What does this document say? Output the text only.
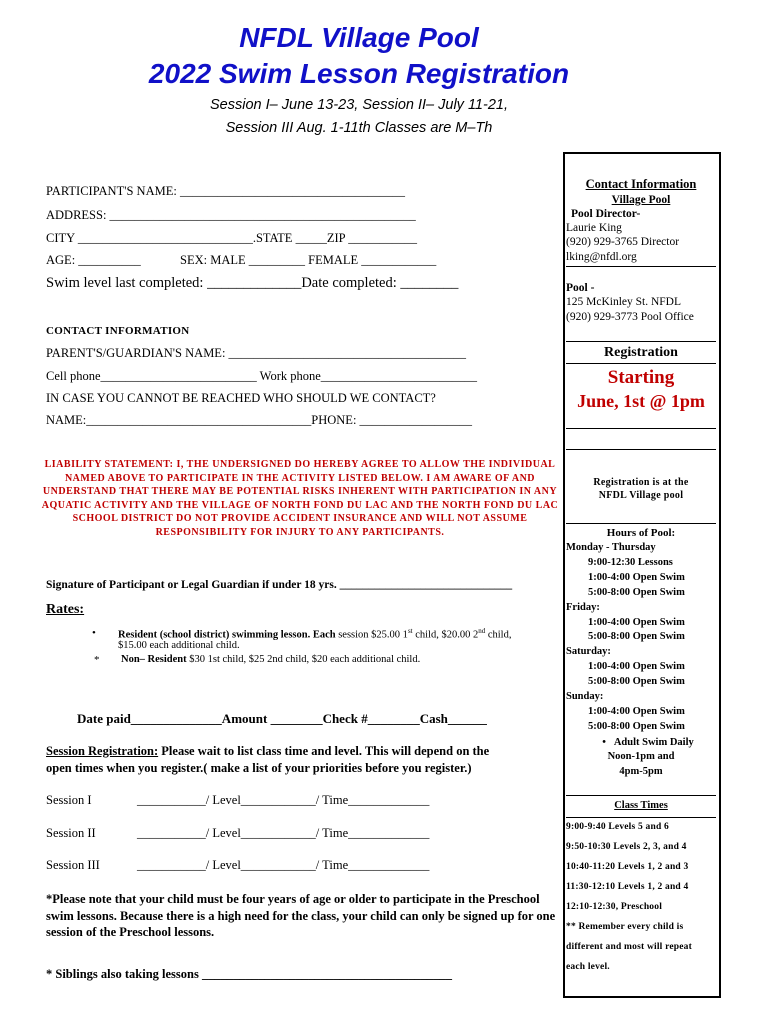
NFDL Village Pool
2022 Swim Lesson Registration
Session I– June 13-23, Session II– July 11-21,
Session III Aug. 1-11th Classes are M–Th
PARTICIPANT'S NAME: ____________________________________
ADDRESS: _________________________________________________
CITY ____________________________.STATE _____ZIP ___________
AGE: __________	SEX: MALE _________ FEMALE ____________
Swim level last completed: _____________Date completed: ________
CONTACT INFORMATION
PARENT'S/GUARDIAN'S NAME: ______________________________________
Cell phone_________________________ Work phone_________________________
IN CASE YOU CANNOT BE REACHED WHO SHOULD WE CONTACT?
NAME:____________________________________PHONE: __________________
LIABILITY STATEMENT: I, THE UNDERSIGNED DO HEREBY AGREE TO ALLOW THE INDIVIDUAL NAMED ABOVE TO PARTICIPATE IN THE ACTIVITY LISTED BELOW. I AM AWARE OF AND UNDERSTAND THAT THERE MAY BE POTENTIAL RISKS INHERENT WITH PARTICIPATION IN ANY AQUATIC ACTIVITY AND THE VILLAGE OF NORTH FOND DU LAC AND THE NORTH FOND DU LAC SCHOOL DISTRICT DO NOT PROVIDE ACCIDENT INSURANCE AND WILL NOT ASSUME RESPONSIBILITY FOR INJURY TO ANY PARTICIPANTS.
Signature of Participant or Legal Guardian if under 18 yrs. ______________________________
Rates:
• Resident (school district) swimming lesson. Each session $25.00 1st child, $20.00 2nd child,
$15.00 each additional child.
* Non– Resident $30 1st child, $25 2nd child, $20 each additional child.
Date paid______________Amount ________Check #________Cash______
Session Registration: Please wait to list class time and level. This will depend on the
open times when you register.( make a list of your priorities before you register.)
Session I	___________/ Level____________/ Time_____________
Session II	___________/ Level____________/ Time_____________
Session III	___________/ Level____________/ Time_____________
*Please note that your child must be four years of age or older to participate in the Preschool swim lessons. Because there is a high need for the class, your child can only be signed up for one session of the Preschool lessons.
* Siblings also taking lessons ________________________________________
Contact Information
Village Pool
Pool Director-
Laurie King
(920) 929-3765 Director
lking@nfdl.org
Pool -
125 McKinley St. NFDL
(920) 929-3773 Pool Office
Registration
Starting
June, 1st @ 1pm
Registration is at the
NFDL Village pool
Hours of Pool:
Monday - Thursday
9:00-12:30 Lessons
1:00-4:00 Open Swim
5:00-8:00 Open Swim
Friday:
1:00-4:00 Open Swim
5:00-8:00 Open Swim
Saturday:
1:00-4:00 Open Swim
5:00-8:00 Open Swim
Sunday:
1:00-4:00 Open Swim
5:00-8:00 Open Swim
• Adult Swim Daily
Noon-1pm and
4pm-5pm
Class Times
9:00-9:40 Levels 5 and 6
9:50-10:30 Levels 2, 3, and 4
10:40-11:20 Levels 1, 2 and 3
11:30-12:10 Levels 1, 2 and 4
12:10-12:30, Preschool
** Remember every child is
different and most will repeat
each level.
